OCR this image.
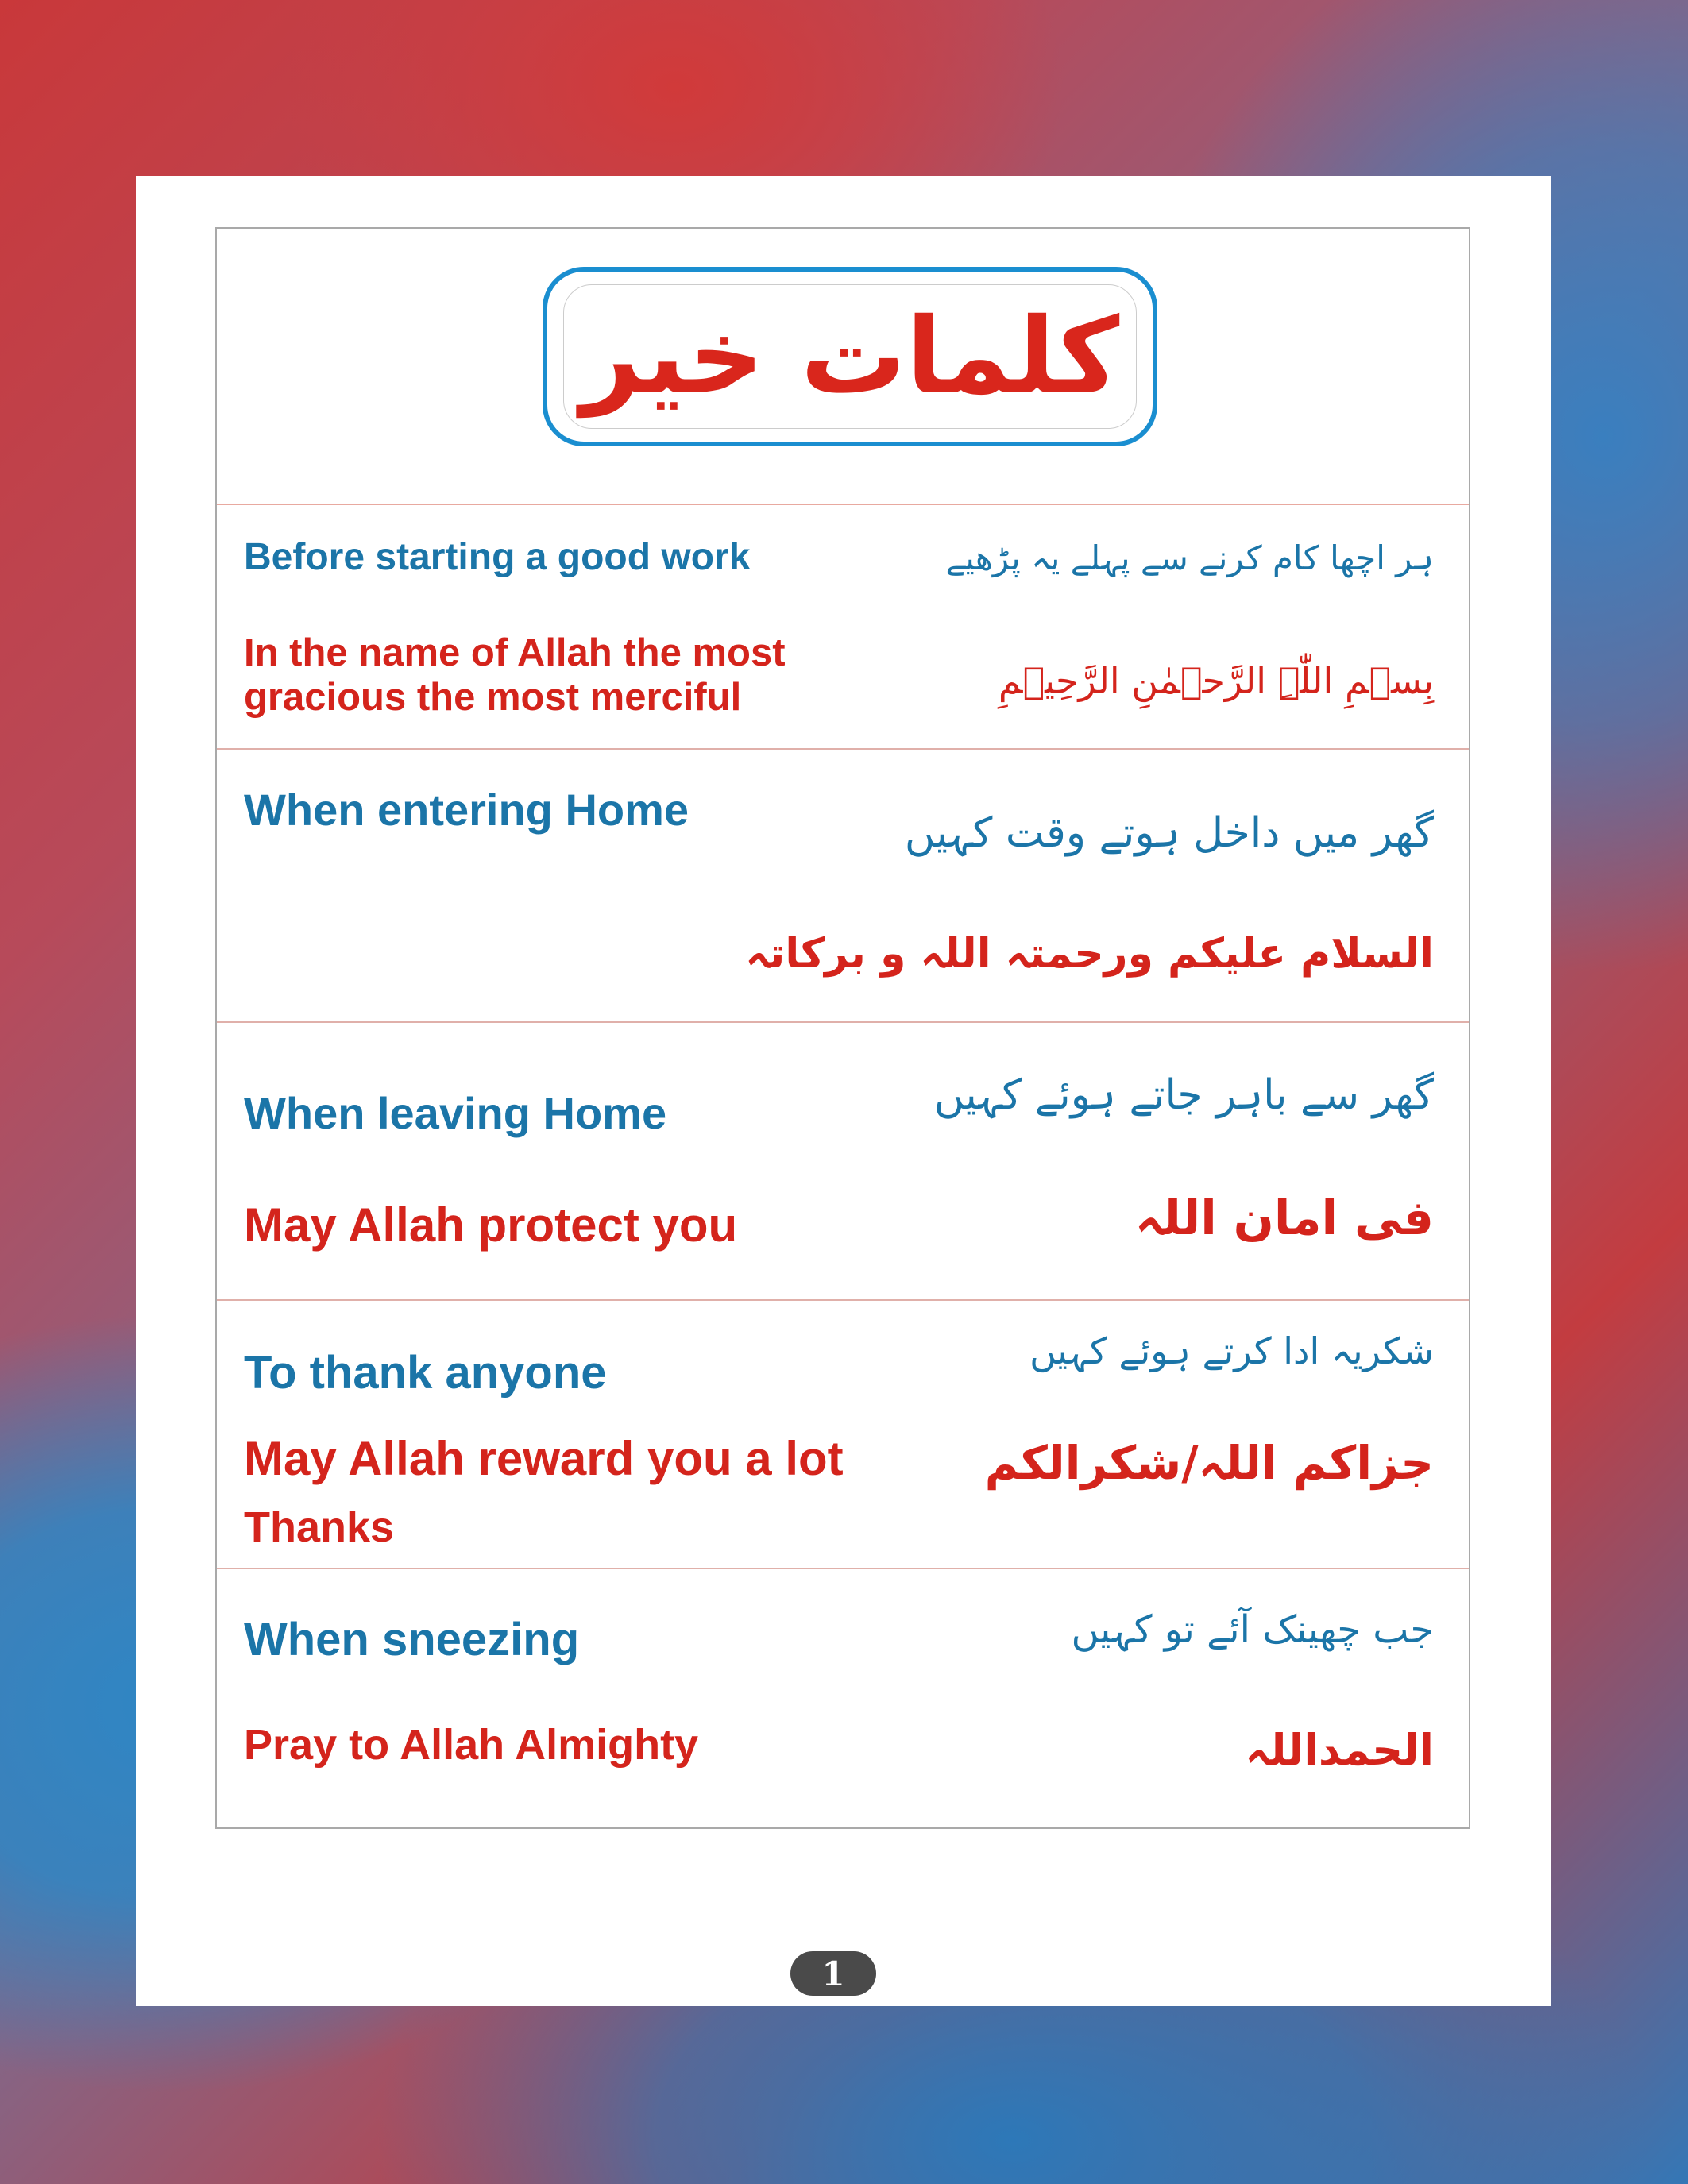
کلمات خیر
Before starting a good work
In the name of Allah the most gracious the most merciful
ہر اچھا کام کرنے سے پہلے یہ پڑھیے
بِسۡمِ اللّٰہِ الرَّحۡمٰنِ الرَّحِیۡمِ
When entering Home	گھر میں داخل ہوتے وقت کہیں
السلام علیکم ورحمتہ اللہ و برکاتہ
When leaving Home
May Allah protect you
گھر سے باہر جاتے ہوئے کہیں
فی امان اللہ
To thank anyone
May Allah reward you a lot
Thanks
شکریہ ادا کرتے ہوئے کہیں
جزاکم اللہ/شکرالکم
When sneezing
Pray to Allah Almighty
جب چھینک آئے تو کہیں
الحمداللہ
1
